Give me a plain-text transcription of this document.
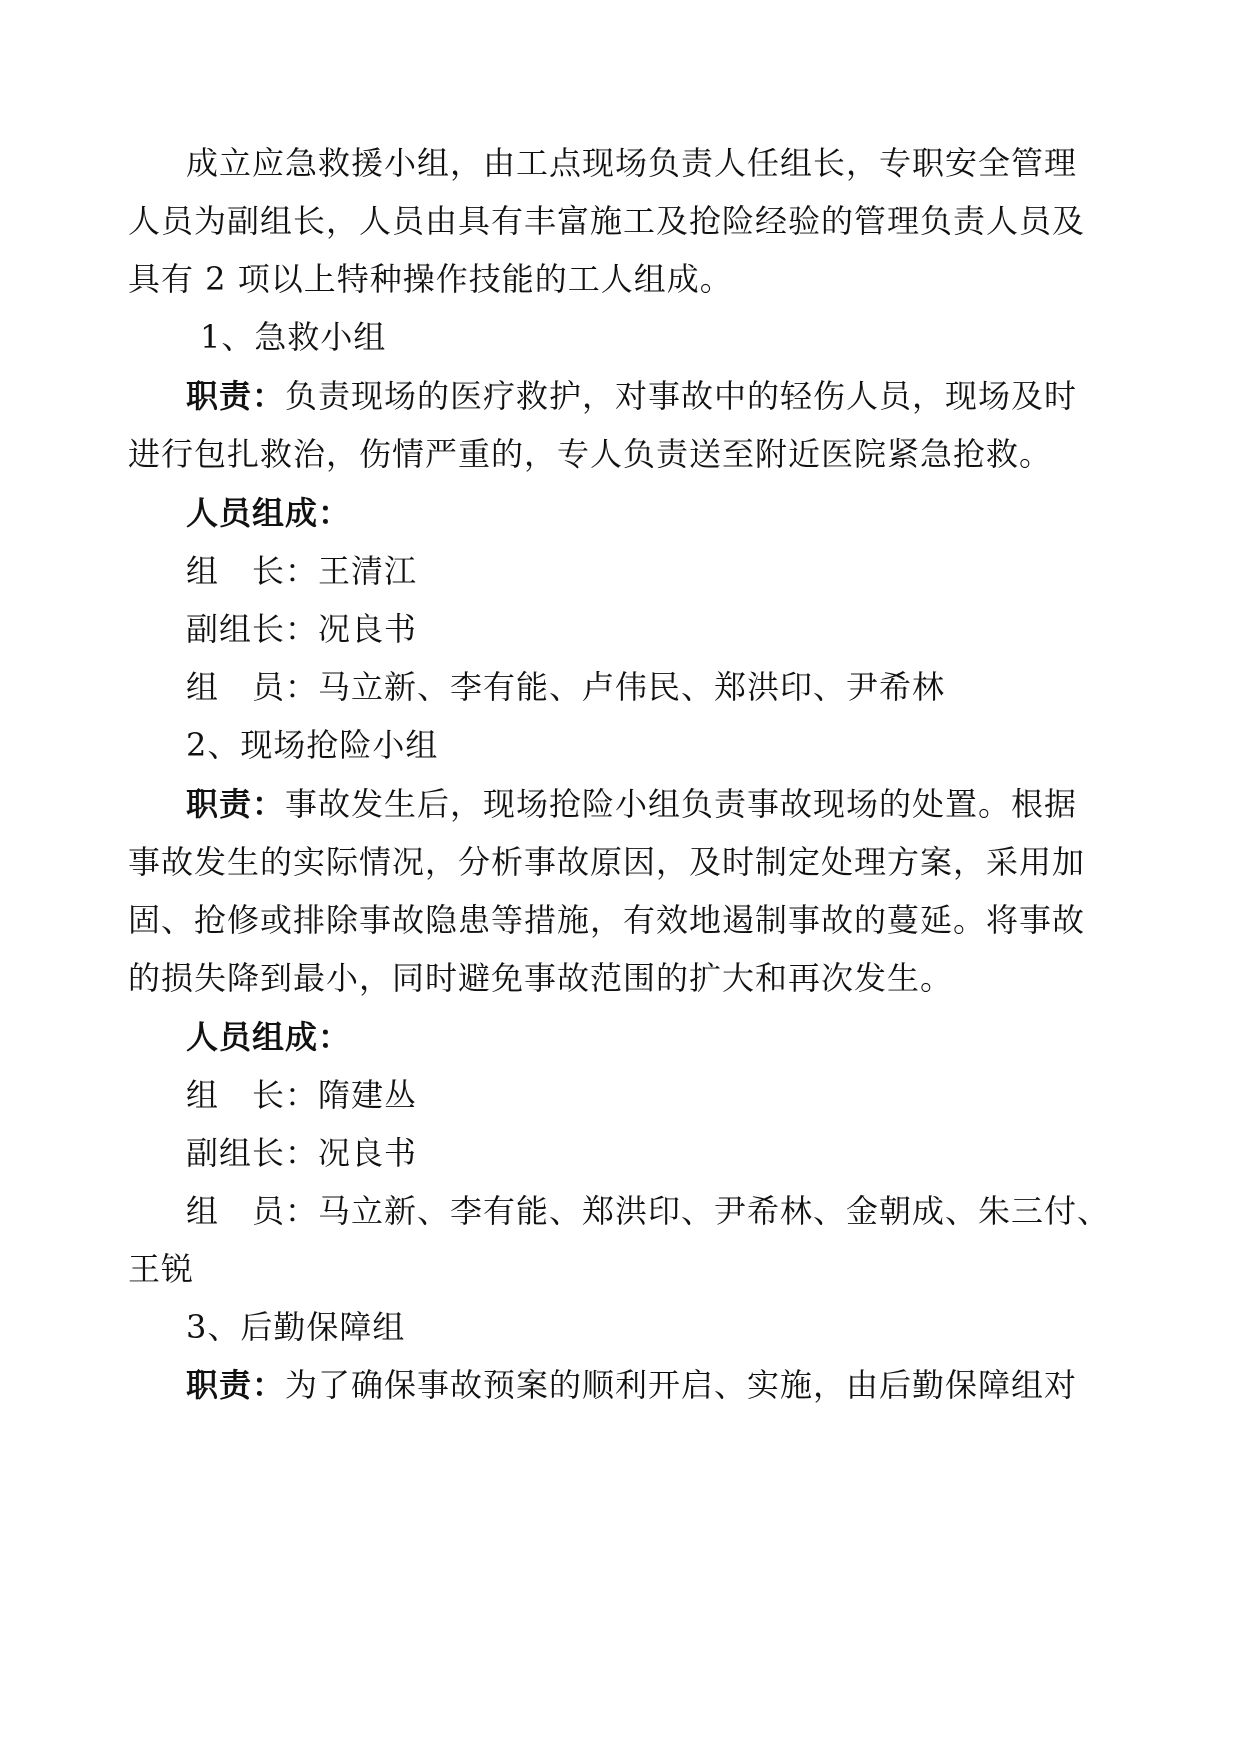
成立应急救援小组，由工点现场负责人任组长，专职安全管理
人员为副组长，人员由具有丰富施工及抢险经验的管理负责人员及
具有 2 项以上特种操作技能的工人组成。
1、急救小组
职责：负责现场的医疗救护，对事故中的轻伤人员，现场及时
进行包扎救治，伤情严重的，专人负责送至附近医院紧急抢救。
人员组成：
组　长：王清江
副组长：况良书
组　员：马立新、李有能、卢伟民、郑洪印、尹希林
2、现场抢险小组
职责：事故发生后，现场抢险小组负责事故现场的处置。根据
事故发生的实际情况，分析事故原因，及时制定处理方案，采用加
固、抢修或排除事故隐患等措施，有效地遏制事故的蔓延。将事故
的损失降到最小，同时避免事故范围的扩大和再次发生。
人员组成：
组　长：隋建丛
副组长：况良书
组　员：马立新、李有能、郑洪印、尹希林、金朝成、朱三付、
王锐
3、后勤保障组
职责：为了确保事故预案的顺利开启、实施，由后勤保障组对
